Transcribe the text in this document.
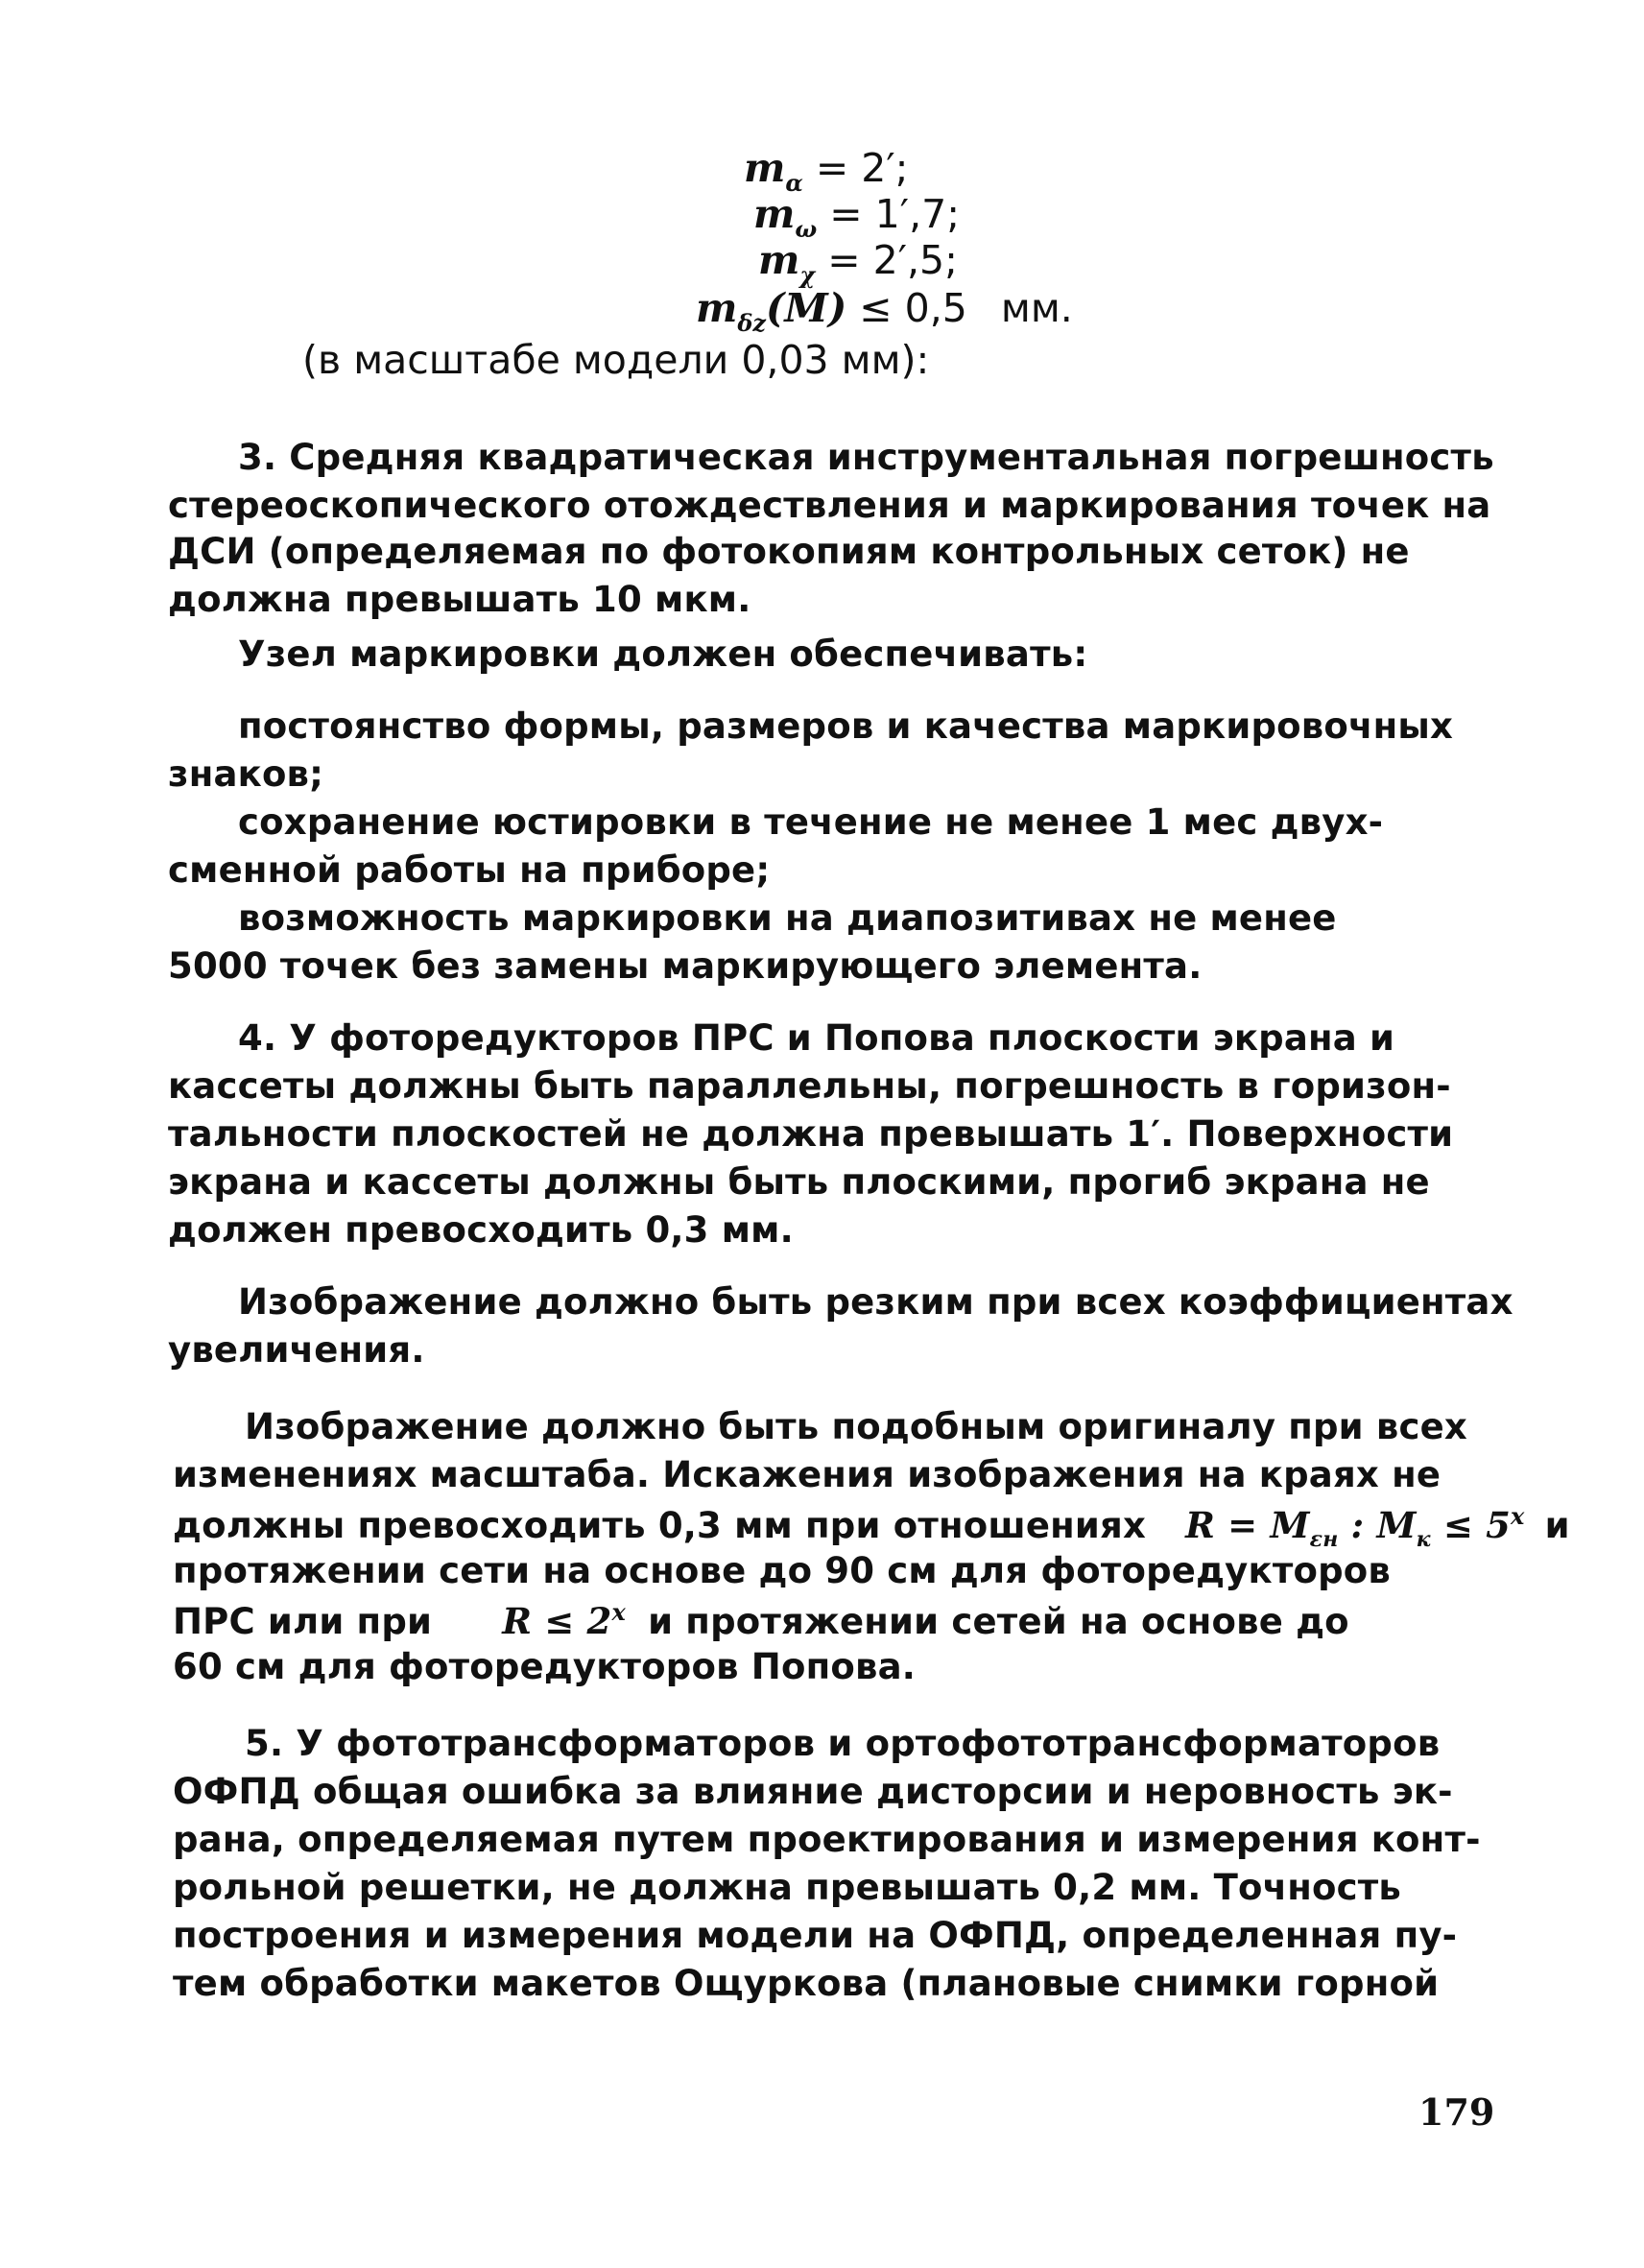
$m_\alpha = 2'$;
$m_\omega = 1',7$;
$m_\chi = 2',5$;
$m_{\delta z}(M) \le 0,5$ мм.
(в масштабе модели 0,03 мм):
3. Средняя квадратическая инструментальная погрешность
стереоскопического отождествления и маркирования точек на
ДСИ (определяемая по фотокопиям контрольных сеток) не
должна превышать 10 мкм.
Узел маркировки должен обеспечивать:
постоянство формы, размеров и качества маркировочных
знаков;
сохранение юстировки в течение не менее 1 мес двух-
сменной работы на приборе;
возможность маркировки на диапозитивах не менее
5000 точек без замены маркирующего элемента.
4. У фоторедукторов ПРС и Попова плоскости экрана и
кассеты должны быть параллельны, погрешность в горизон-
тальности плоскостей не должна превышать 1′. Поверхности
экрана и кассеты должны быть плоскими, прогиб экрана не
должен превосходить 0,3 мм.
Изображение должно быть резким при всех коэффициентах
увеличения.
Изображение должно быть подобным оригиналу при всех
изменениях масштаба. Искажения изображения на краях не
должны превосходить 0,3 мм при отношениях $R = M_{\varepsilon н}$ : $M_к \le 5^x$ и
протяжении сети на основе до 90 см для фоторедукторов
ПРС или при $R \le 2^x$ и протяжении сетей на основе до
60 см для фоторедукторов Попова.
5. У фототрансформаторов и ортофототрансформаторов
ОФПД общая ошибка за влияние дисторсии и неровность эк-
рана, определяемая путем проектирования и измерения конт-
рольной решетки, не должна превышать 0,2 мм. Точность
построения и измерения модели на ОФПД, определенная пу-
тем обработки макетов Ощуркова (плановые снимки горной
179
